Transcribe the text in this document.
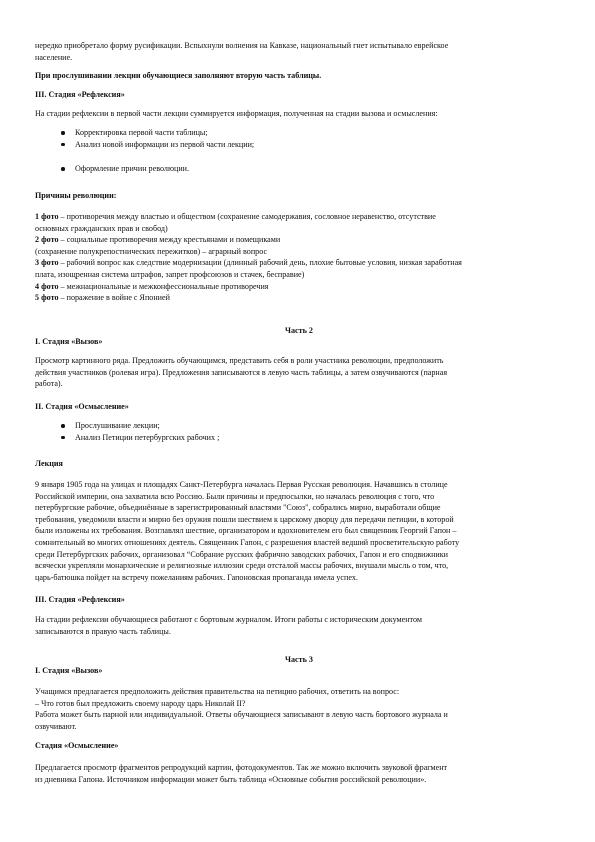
нередко приобретало форму русификации. Вспыхнули волнения на Кавказе, национальный гнет испытывало еврейское
население.

При прослушивании лекции обучающиеся заполняют вторую часть таблицы.

III. Стадия «Рефлексия»

На стадии рефлексии в первой части лекции суммируется информация, полученная на стадии вызова и осмысления:

Корректировка первой части таблицы;
Анализ новой информации из первой части лекции;
Оформление причин революции.

Причины революции:

1 фото – противоречия между властью и обществом (сохранение самодержавия, сословное неравенство, отсутствие
основных гражданских прав и свобод)
2 фото – социальные противоречия между крестьянами и помещиками
(сохранение полукрепостнических пережитков) – аграрный вопрос
3 фото – рабочий вопрос как следствие модернизации (длинный рабочий день, плохие бытовые условия, низкая заработная
плата, изощренная система штрафов, запрет профсоюзов и стачек, бесправие)
4 фото – межнациональные и межконфессиональные противоречия
5 фото – поражение в войне с Японией

Часть 2

I. Стадия «Вызов»

Просмотр картинного ряда. Предложить обучающимся, представить себя в роли участника революции, предположить
действия участников (ролевая игра). Предложения записываются в левую часть таблицы, а затем озвучиваются (парная
работа).

II. Стадия «Осмысление»

Прослушивание лекции;
Анализ Петиции петербургских рабочих ;

Лекция

9 января 1905 года на улицах и площадях Санкт-Петербурга началась Первая Русская революция. Начавшись в столице
Российской империи, она захватила всю Россию. Были причины и предпосылки, но началась революция с того, что
петербургские рабочие, объединённые в зарегистрированный властями "Союз", собрались мирно, выработали общие
требования, уведомили власти и мирно без оружия пошли шествием к царскому дворцу для передачи петиции, в которой
были изложены их требования. Возглавлял шествие, организатором и вдохновителем его был священник Георгий Гапон –
сомнительный во многих отношениях деятель. Священник Гапон, с разрешения властей ведший просветительскую работу
среди Петербургских рабочих, организовал “Собрание русских фабрично заводских рабочих, Гапон и его сподвижники
всячески укрепляли монархические и религиозные иллюзии среди отсталой массы рабочих, внушали мысль о том, что,
царь-батюшка пойдет на встречу пожеланиям рабочих. Гапоновская пропаганда имела успех.

III. Стадия «Рефлексия»

На стадии рефлексии обучающиеся работают с бортовым журналом. Итоги работы с историческим документом
записываются в правую часть таблицы.

Часть 3

I. Стадия «Вызов»

Учащимся предлагается предположить действия правительства на петицию рабочих, ответить на вопрос:
– Что готов был предложить своему народу царь Николай II?
Работа может быть парной или индивидуальной. Ответы обучающиеся записывают в левую часть бортового журнала и
озвучивают.

Стадия «Осмысление»

Предлагается просмотр фрагментов репродукций картин, фотодокументов. Так же можно включить звуковой фрагмент
из дневника Гапона. Источником информации может быть таблица «Основные события российской революции».
